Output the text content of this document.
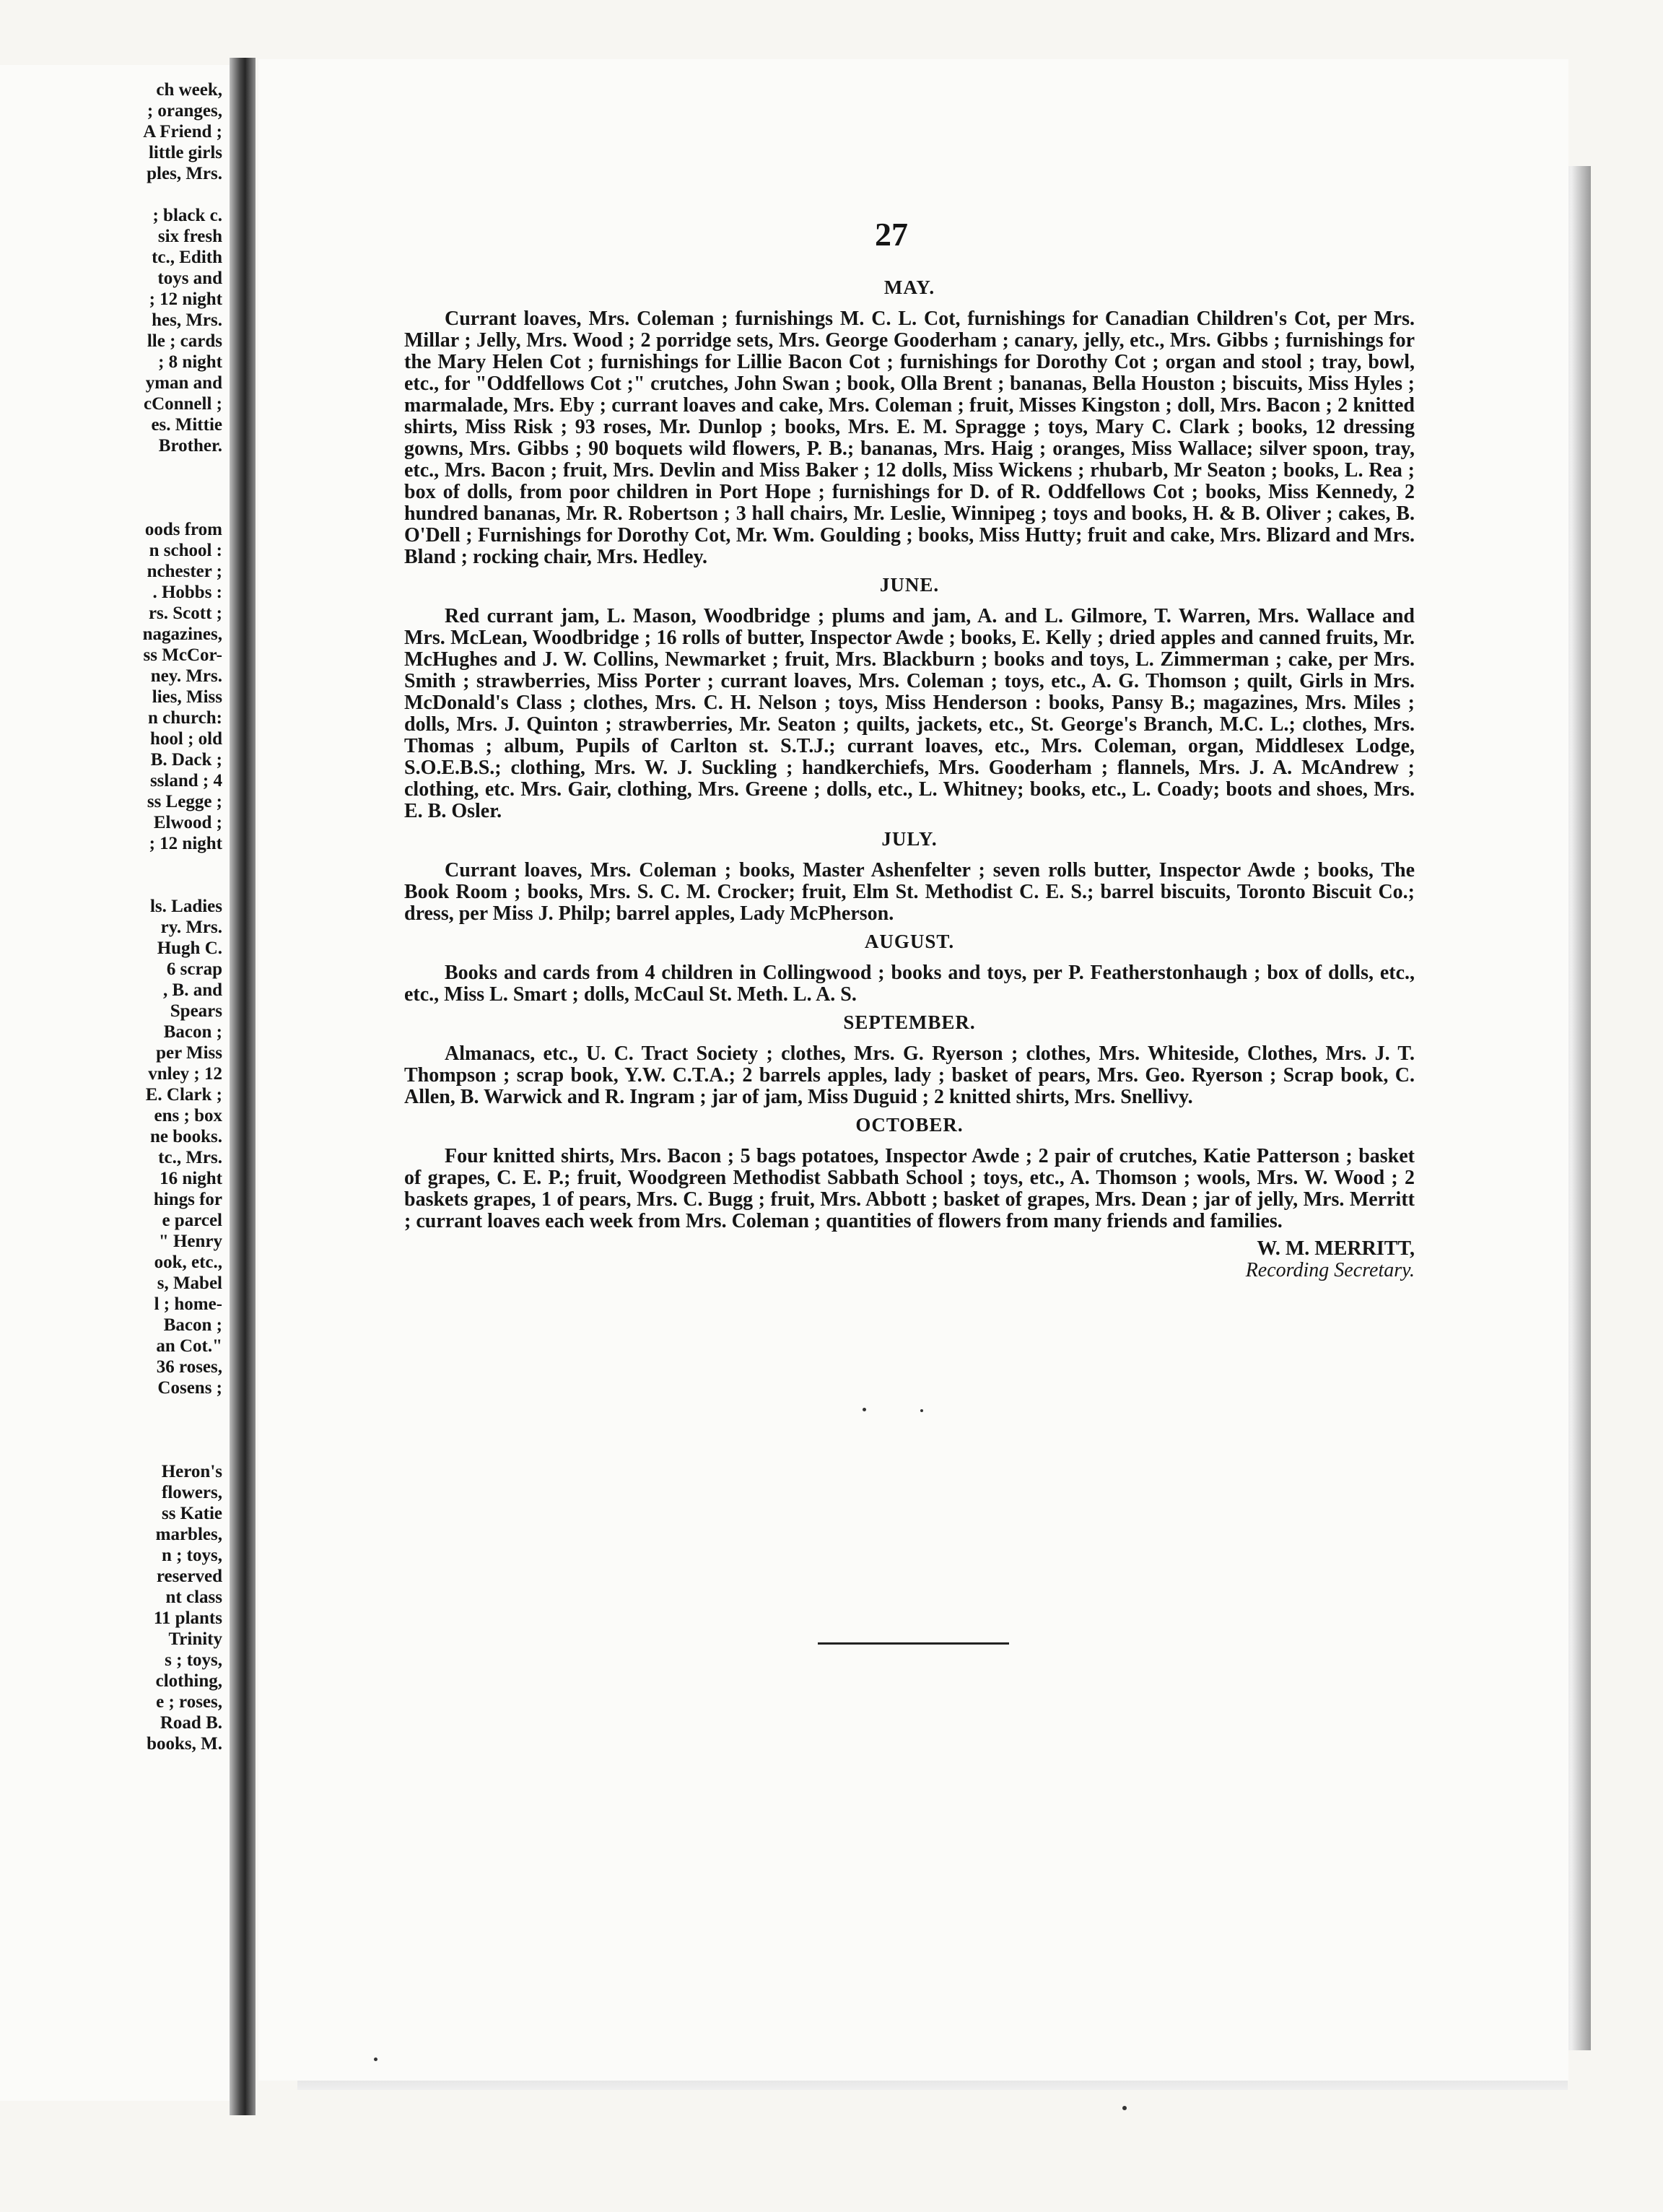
ch week,
; oranges,
A Friend ;
little girls
ples, Mrs.

; black c.
six fresh
tc., Edith
toys and
; 12 night
hes, Mrs.
lle ; cards
; 8 night
yman and
cConnell ;
es. Mittie
Brother.

oods from
n school :
nchester ;
. Hobbs :
rs. Scott ;
nagazines,
ss McCor-
ney. Mrs.
lies, Miss
n church:
hool ; old
B. Dack ;
ssland ; 4
ss Legge ;
Elwood ;
; 12 night

ls. Ladies
ry. Mrs.
Hugh C.
6 scrap
, B. and
Spears
Bacon ;
per Miss
vnley ; 12
E. Clark ;
ens ; box
ne books.
tc., Mrs.
16 night
hings for
e parcel
" Henry
ook, etc.,
s, Mabel
l ; home-
Bacon ;
an Cot."
36 roses,
Cosens ;

Heron's
flowers,
ss Katie
marbles,
n ; toys,
reserved
nt class
11 plants
Trinity
s ; toys,
clothing,
e ; roses,
Road B.
books, M.
27
MAY.

Currant loaves, Mrs. Coleman ; furnishings M. C. L. Cot, furnishings for Canadian Children's Cot, per Mrs. Millar ; Jelly, Mrs. Wood ; 2 porridge sets, Mrs. George Gooderham ; canary, jelly, etc., Mrs. Gibbs ; furnishings for the Mary Helen Cot ; furnishings for Lillie Bacon Cot ; furnishings for Dorothy Cot ; organ and stool ; tray, bowl, etc., for "Oddfellows Cot ;" crutches, John Swan ; book, Olla Brent ; bananas, Bella Houston ; biscuits, Miss Hyles ; marmalade, Mrs. Eby ; currant loaves and cake, Mrs. Coleman ; fruit, Misses Kingston ; doll, Mrs. Bacon ; 2 knitted shirts, Miss Risk ; 93 roses, Mr. Dunlop ; books, Mrs. E. M. Spragge ; toys, Mary C. Clark ; books, 12 dressing gowns, Mrs. Gibbs ; 90 boquets wild flowers, P. B.; bananas, Mrs. Haig ; oranges, Miss Wallace; silver spoon, tray, etc., Mrs. Bacon ; fruit, Mrs. Devlin and Miss Baker ; 12 dolls, Miss Wickens ; rhubarb, Mr Seaton ; books, L. Rea ; box of dolls, from poor children in Port Hope ; furnishings for D. of R. Oddfellows Cot ; books, Miss Kennedy, 2 hundred bananas, Mr. R. Robertson ; 3 hall chairs, Mr. Leslie, Winnipeg ; toys and books, H. & B. Oliver ; cakes, B. O'Dell ; Furnishings for Dorothy Cot, Mr. Wm. Goulding ; books, Miss Hutty; fruit and cake, Mrs. Blizard and Mrs. Bland ; rocking chair, Mrs. Hedley.

JUNE.

Red currant jam, L. Mason, Woodbridge ; plums and jam, A. and L. Gilmore, T. Warren, Mrs. Wallace and Mrs. McLean, Woodbridge ; 16 rolls of butter, Inspector Awde ; books, E. Kelly ; dried apples and canned fruits, Mr. McHughes and J. W. Collins, Newmarket ; fruit, Mrs. Blackburn ; books and toys, L. Zimmerman ; cake, per Mrs. Smith ; strawberries, Miss Porter ; currant loaves, Mrs. Coleman ; toys, etc., A. G. Thomson ; quilt, Girls in Mrs. McDonald's Class ; clothes, Mrs. C. H. Nelson ; toys, Miss Henderson : books, Pansy B.; magazines, Mrs. Miles ; dolls, Mrs. J. Quinton ; strawberries, Mr. Seaton ; quilts, jackets, etc., St. George's Branch, M.C. L.; clothes, Mrs. Thomas ; album, Pupils of Carlton st. S.T.J.; currant loaves, etc., Mrs. Coleman, organ, Middlesex Lodge, S.O.E.B.S.; clothing, Mrs. W. J. Suckling ; handkerchiefs, Mrs. Gooderham ; flannels, Mrs. J. A. McAndrew ; clothing, etc. Mrs. Gair, clothing, Mrs. Greene ; dolls, etc., L. Whitney; books, etc., L. Coady; boots and shoes, Mrs. E. B. Osler.

JULY.

Currant loaves, Mrs. Coleman ; books, Master Ashenfelter ; seven rolls butter, Inspector Awde ; books, The Book Room ; books, Mrs. S. C. M. Crocker; fruit, Elm St. Methodist C. E. S.; barrel biscuits, Toronto Biscuit Co.; dress, per Miss J. Philp; barrel apples, Lady McPherson.

AUGUST.

Books and cards from 4 children in Collingwood ; books and toys, per P. Featherstonhaugh ; box of dolls, etc., etc., Miss L. Smart ; dolls, McCaul St. Meth. L. A. S.

SEPTEMBER.

Almanacs, etc., U. C. Tract Society ; clothes, Mrs. G. Ryerson ; clothes, Mrs. Whiteside, Clothes, Mrs. J. T. Thompson ; scrap book, Y.W. C.T.A.; 2 barrels apples, lady ; basket of pears, Mrs. Geo. Ryerson ; Scrap book, C. Allen, B. Warwick and R. Ingram ; jar of jam, Miss Duguid ; 2 knitted shirts, Mrs. Snellivy.

OCTOBER.

Four knitted shirts, Mrs. Bacon ; 5 bags potatoes, Inspector Awde ; 2 pair of crutches, Katie Patterson ; basket of grapes, C. E. P.; fruit, Woodgreen Methodist Sabbath School ; toys, etc., A. Thomson ; wools, Mrs. W. Wood ; 2 baskets grapes, 1 of pears, Mrs. C. Bugg ; fruit, Mrs. Abbott ; basket of grapes, Mrs. Dean ; jar of jelly, Mrs. Merritt ; currant loaves each week from Mrs. Coleman ; quantities of flowers from many friends and families.

W. M. MERRITT,
Recording Secretary.
